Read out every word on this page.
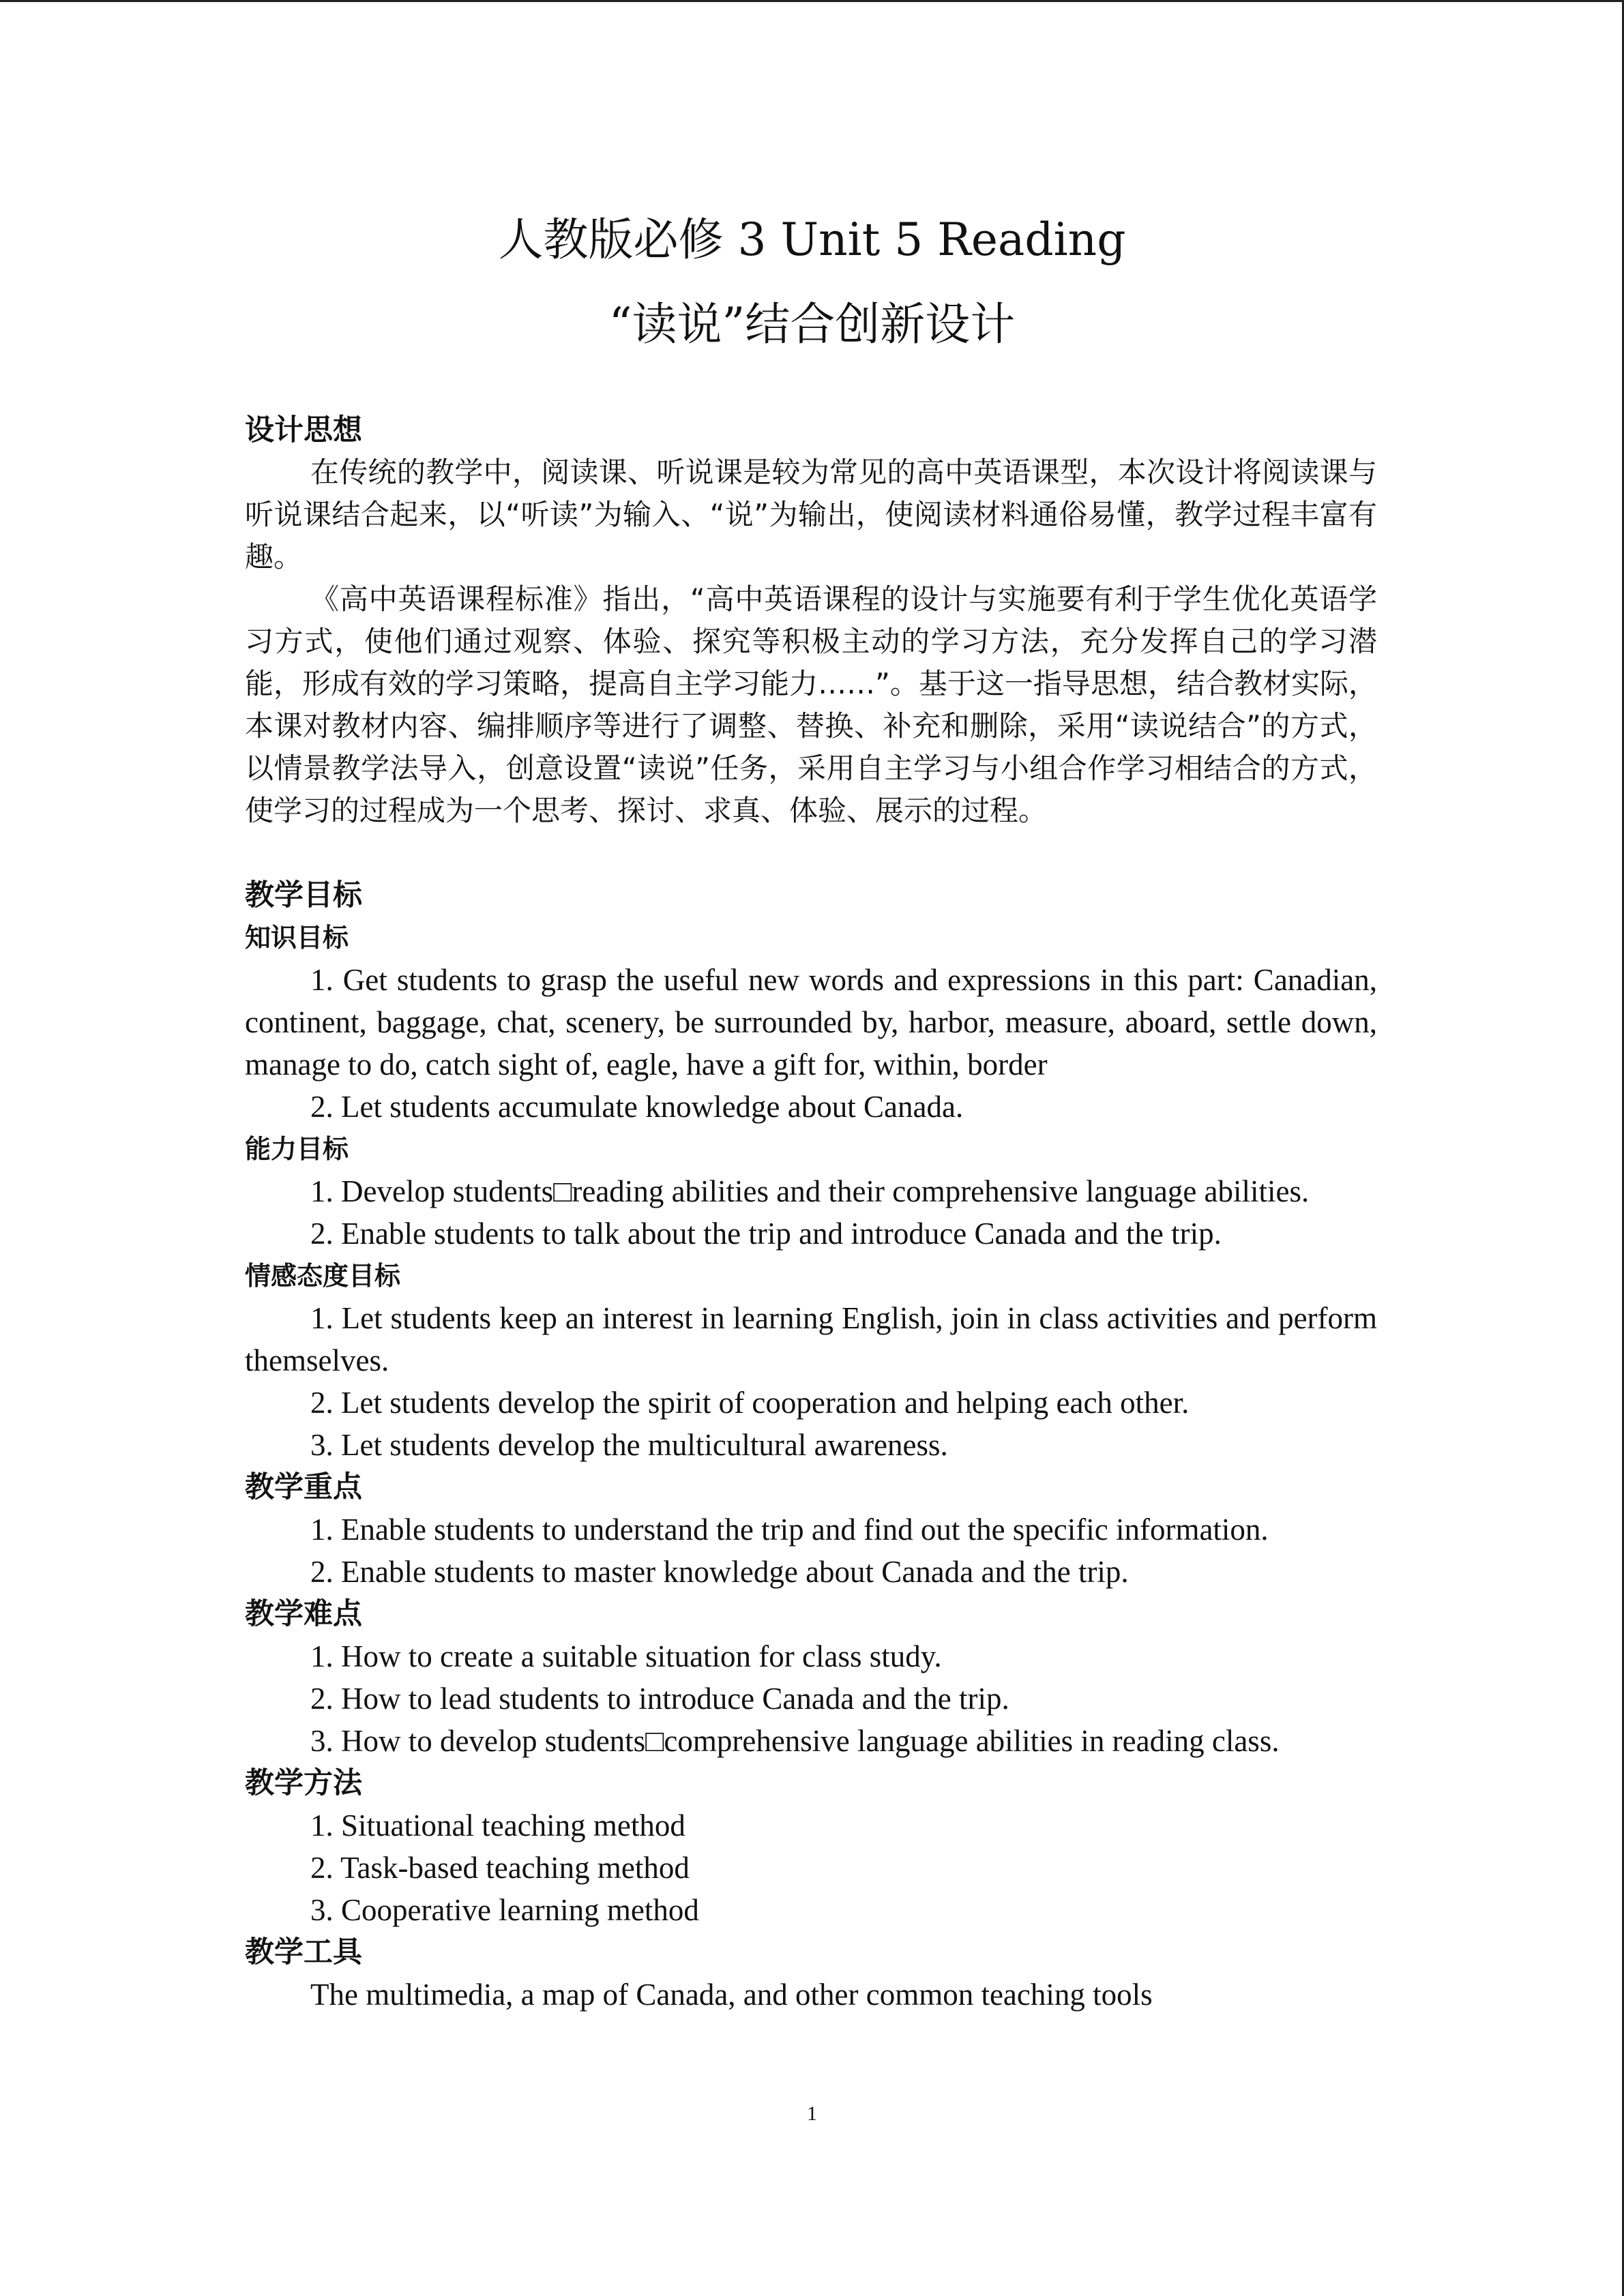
人教版必修 3 Unit 5 Reading
“读说”结合创新设计
设计思想

在传统的教学中，阅读课、听说课是较为常见的高中英语课型，本次设计将阅读课与听说课结合起来，以“听读”为输入、“说”为输出，使阅读材料通俗易懂，教学过程丰富有趣。

《高中英语课程标准》指出，“高中英语课程的设计与实施要有利于学生优化英语学习方式，使他们通过观察、体验、探究等积极主动的学习方法，充分发挥自己的学习潜能，形成有效的学习策略，提高自主学习能力……”。基于这一指导思想，结合教材实际，本课对教材内容、编排顺序等进行了调整、替换、补充和删除，采用“读说结合”的方式，以情景教学法导入，创意设置“读说”任务，采用自主学习与小组合作学习相结合的方式，使学习的过程成为一个思考、探讨、求真、体验、展示的过程。

教学目标
知识目标

1. Get students to grasp the useful new words and expressions in this part: Canadian, continent, baggage, chat, scenery, be surrounded by, harbor, measure, aboard, settle down, manage to do, catch sight of, eagle, have a gift for, within, border

2. Let students accumulate knowledge about Canada.

能力目标

1. Develop students□reading abilities and their comprehensive language abilities.

2. Enable students to talk about the trip and introduce Canada and the trip.

情感态度目标

1. Let students keep an interest in learning English, join in class activities and perform themselves.

2. Let students develop the spirit of cooperation and helping each other.

3. Let students develop the multicultural awareness.

教学重点

1. Enable students to understand the trip and find out the specific information.

2. Enable students to master knowledge about Canada and the trip.

教学难点

1. How to create a suitable situation for class study.

2. How to lead students to introduce Canada and the trip.

3. How to develop students□comprehensive language abilities in reading class.

教学方法

1. Situational teaching method

2. Task-based teaching method

3. Cooperative learning method

教学工具

The multimedia, a map of Canada, and other common teaching tools

1
